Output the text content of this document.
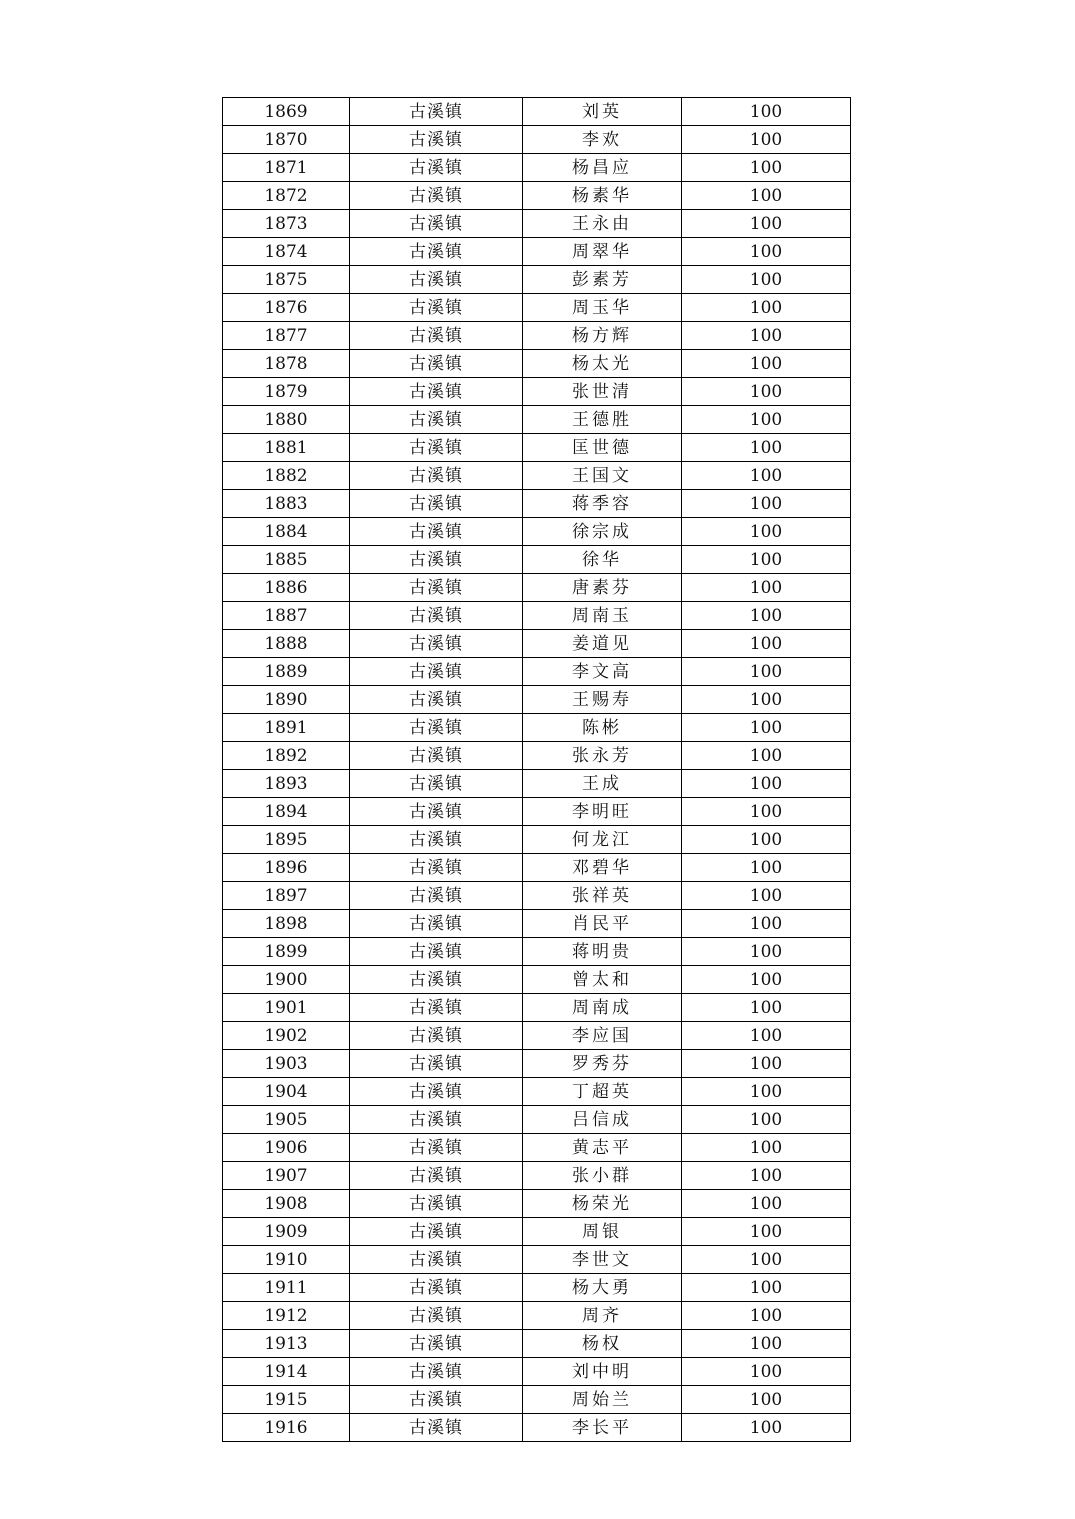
1869	古溪镇	刘英	100
1870	古溪镇	李欢	100
1871	古溪镇	杨昌应	100
1872	古溪镇	杨素华	100
1873	古溪镇	王永由	100
1874	古溪镇	周翠华	100
1875	古溪镇	彭素芳	100
1876	古溪镇	周玉华	100
1877	古溪镇	杨方辉	100
1878	古溪镇	杨太光	100
1879	古溪镇	张世清	100
1880	古溪镇	王德胜	100
1881	古溪镇	匡世德	100
1882	古溪镇	王国文	100
1883	古溪镇	蒋季容	100
1884	古溪镇	徐宗成	100
1885	古溪镇	徐华	100
1886	古溪镇	唐素芬	100
1887	古溪镇	周南玉	100
1888	古溪镇	姜道见	100
1889	古溪镇	李文高	100
1890	古溪镇	王赐寿	100
1891	古溪镇	陈彬	100
1892	古溪镇	张永芳	100
1893	古溪镇	王成	100
1894	古溪镇	李明旺	100
1895	古溪镇	何龙江	100
1896	古溪镇	邓碧华	100
1897	古溪镇	张祥英	100
1898	古溪镇	肖民平	100
1899	古溪镇	蒋明贵	100
1900	古溪镇	曾太和	100
1901	古溪镇	周南成	100
1902	古溪镇	李应国	100
1903	古溪镇	罗秀芬	100
1904	古溪镇	丁超英	100
1905	古溪镇	吕信成	100
1906	古溪镇	黄志平	100
1907	古溪镇	张小群	100
1908	古溪镇	杨荣光	100
1909	古溪镇	周银	100
1910	古溪镇	李世文	100
1911	古溪镇	杨大勇	100
1912	古溪镇	周齐	100
1913	古溪镇	杨权	100
1914	古溪镇	刘中明	100
1915	古溪镇	周始兰	100
1916	古溪镇	李长平	100
